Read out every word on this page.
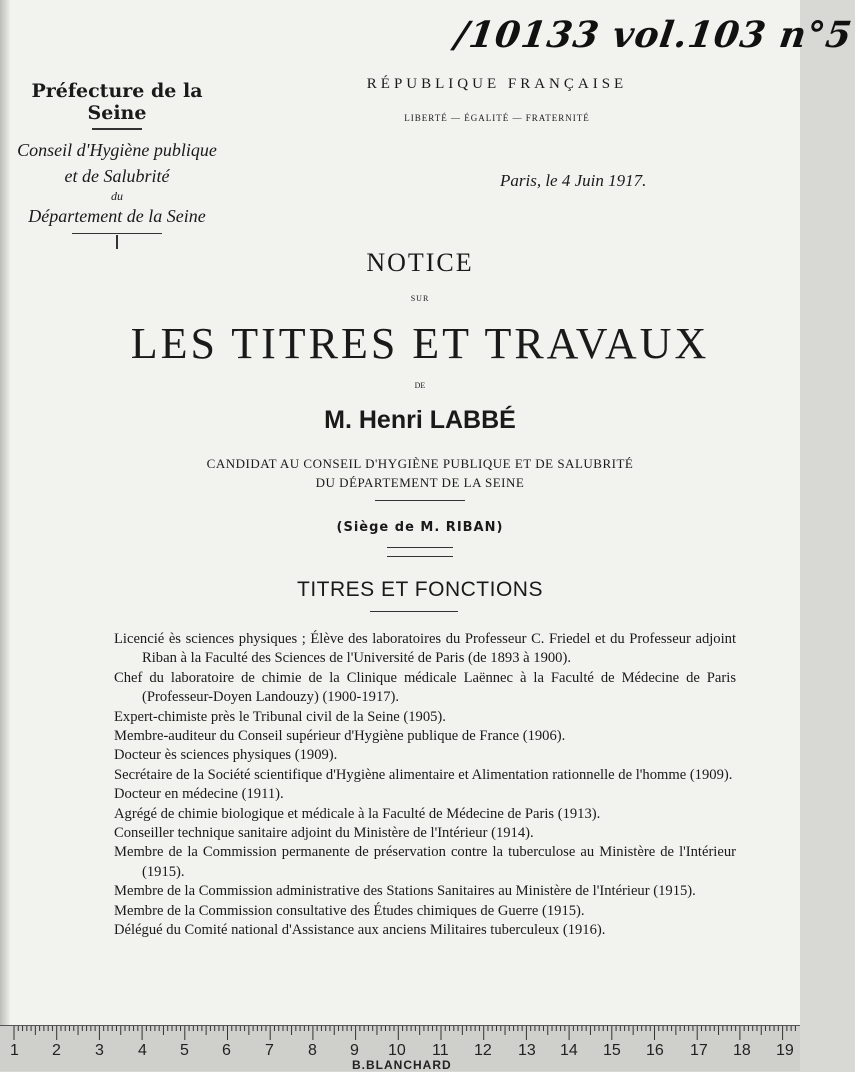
/10133 vol.103 n°5
Préfecture de la Seine
Conseil d'Hygiène publique
et de Salubrité
du
Département de la Seine
RÉPUBLIQUE FRANÇAISE
LIBERTÉ — ÉGALITÉ — FRATERNITÉ
Paris, le 4 Juin 1917.
NOTICE
SUR
LES TITRES ET TRAVAUX
DE
M. Henri LABBÉ
CANDIDAT AU CONSEIL D'HYGIÈNE PUBLIQUE ET DE SALUBRITÉ
DU DÉPARTEMENT DE LA SEINE
(Siège de M. RIBAN)
TITRES ET FONCTIONS

Licencié ès sciences physiques ; Élève des laboratoires du Professeur C. Friedel et du Professeur adjoint Riban à la Faculté des Sciences de l'Université de Paris (de 1893 à 1900).

Chef du laboratoire de chimie de la Clinique médicale Laënnec à la Faculté de Médecine de Paris (Professeur-Doyen Landouzy) (1900-1917).

Expert-chimiste près le Tribunal civil de la Seine (1905).

Membre-auditeur du Conseil supérieur d'Hygiène publique de France (1906).

Docteur ès sciences physiques (1909).

Secrétaire de la Société scientifique d'Hygiène alimentaire et Alimentation rationnelle de l'homme (1909).

Docteur en médecine (1911).

Agrégé de chimie biologique et médicale à la Faculté de Médecine de Paris (1913).

Conseiller technique sanitaire adjoint du Ministère de l'Intérieur (1914).

Membre de la Commission permanente de préservation contre la tuberculose au Ministère de l'Intérieur (1915).

Membre de la Commission administrative des Stations Sanitaires au Ministère de l'Intérieur (1915).

Membre de la Commission consultative des Études chimiques de Guerre (1915).

Délégué du Comité national d'Assistance aux anciens Militaires tuberculeux (1916).

1 2 3 4 5 6 7 8 9 10 11 12 13 14 15 16 17 18 19
B.BLANCHARD
